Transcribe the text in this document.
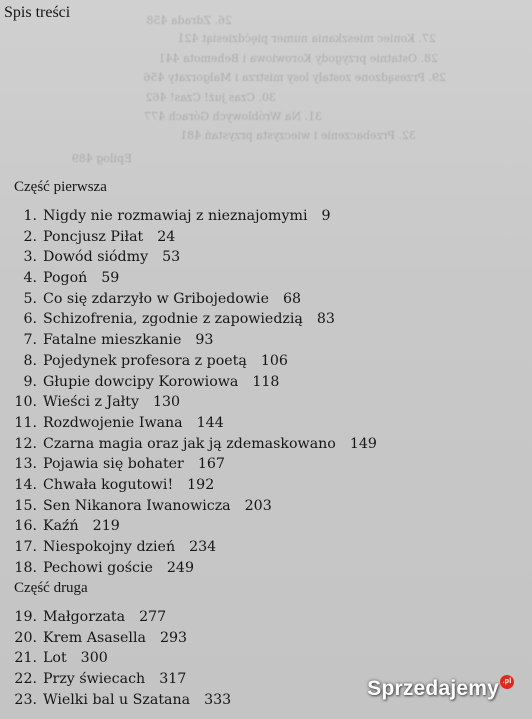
26. Zdrada 458
27. Koniec mieszkania numer pięćdziesiąt 421
28. Ostatnie przygody Korowiowa i Behemota 441
29. Przesądzone zostały losy mistrza i Małgorzaty 456
30. Czas już! Czas! 462
31. Na Wróblowych Górach 477
32. Przebaczenie i wieczysta przystań 481
Epilog 489
Spis treści
Część pierwsza
1. Nigdy nie rozmawiaj z nieznajomymi 9
2. Poncjusz Piłat 24
3. Dowód siódmy 53
4. Pogoń 59
5. Co się zdarzyło w Gribojedowie 68
6. Schizofrenia, zgodnie z zapowiedzią 83
7. Fatalne mieszkanie 93
8. Pojedynek profesora z poetą 106
9. Głupie dowcipy Korowiowa 118
10. Wieści z Jałty 130
11. Rozdwojenie Iwana 144
12. Czarna magia oraz jak ją zdemaskowano 149
13. Pojawia się bohater 167
14. Chwała kogutowi! 192
15. Sen Nikanora Iwanowicza 203
16. Kaźń 219
17. Niespokojny dzień 234
18. Pechowi goście 249
Część druga
19. Małgorzata 277
20. Krem Asasella 293
21. Lot 300
22. Przy świecach 317
23. Wielki bal u Szatana 333	Sprzedajemy .pl
